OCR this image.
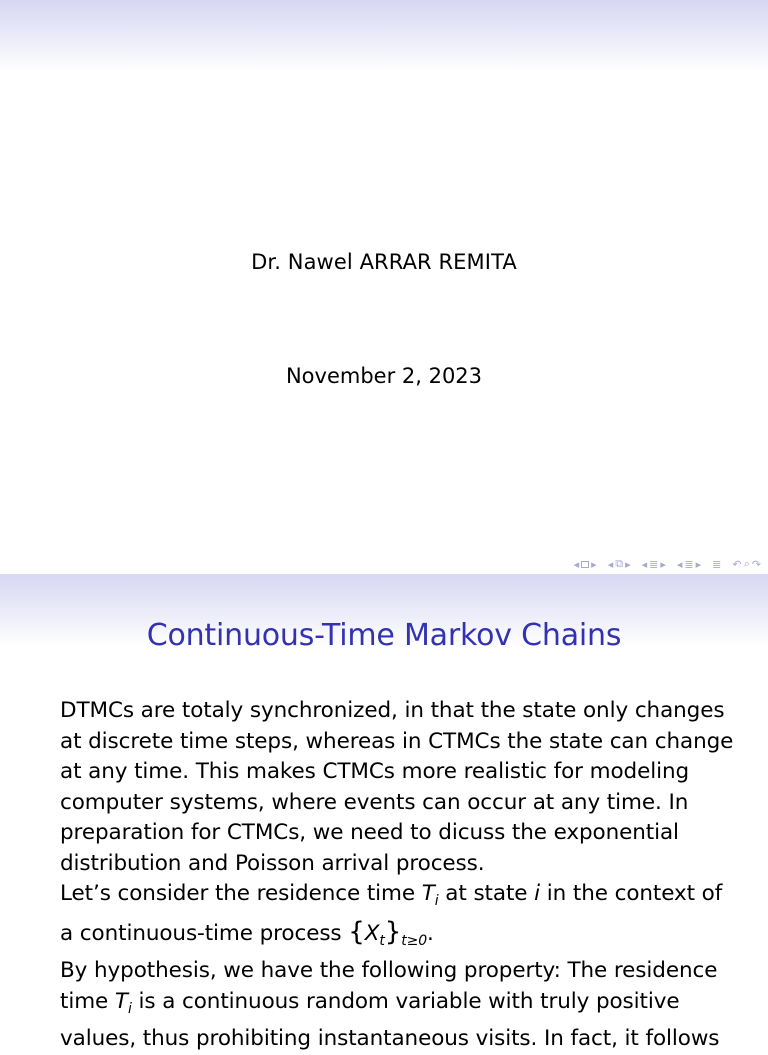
Dr. Nawel ARRAR REMITA
November 2, 2023
◂ ▸ ◂ ⧉ ▸ ◂ ≣ ▸ ◂ ≣ ▸ ≣ ↶ ⌕ ↷
Continuous-Time Markov Chains

DTMCs are totaly synchronized, in that the state only changes at discrete time steps, whereas in CTMCs the state can change at any time. This makes CTMCs more realistic for modeling computer systems, where events can occur at any time. In preparation for CTMCs, we need to dicuss the exponential distribution and Poisson arrival process.

Let’s consider the residence time $T_i$ at state i in the context of a continuous-time process $\{X_t\}_{t\ge 0}$.

By hypothesis, we have the following property: The residence time $T_i$ is a continuous random variable with truly positive values, thus prohibiting instantaneous visits. In fact, it follows
